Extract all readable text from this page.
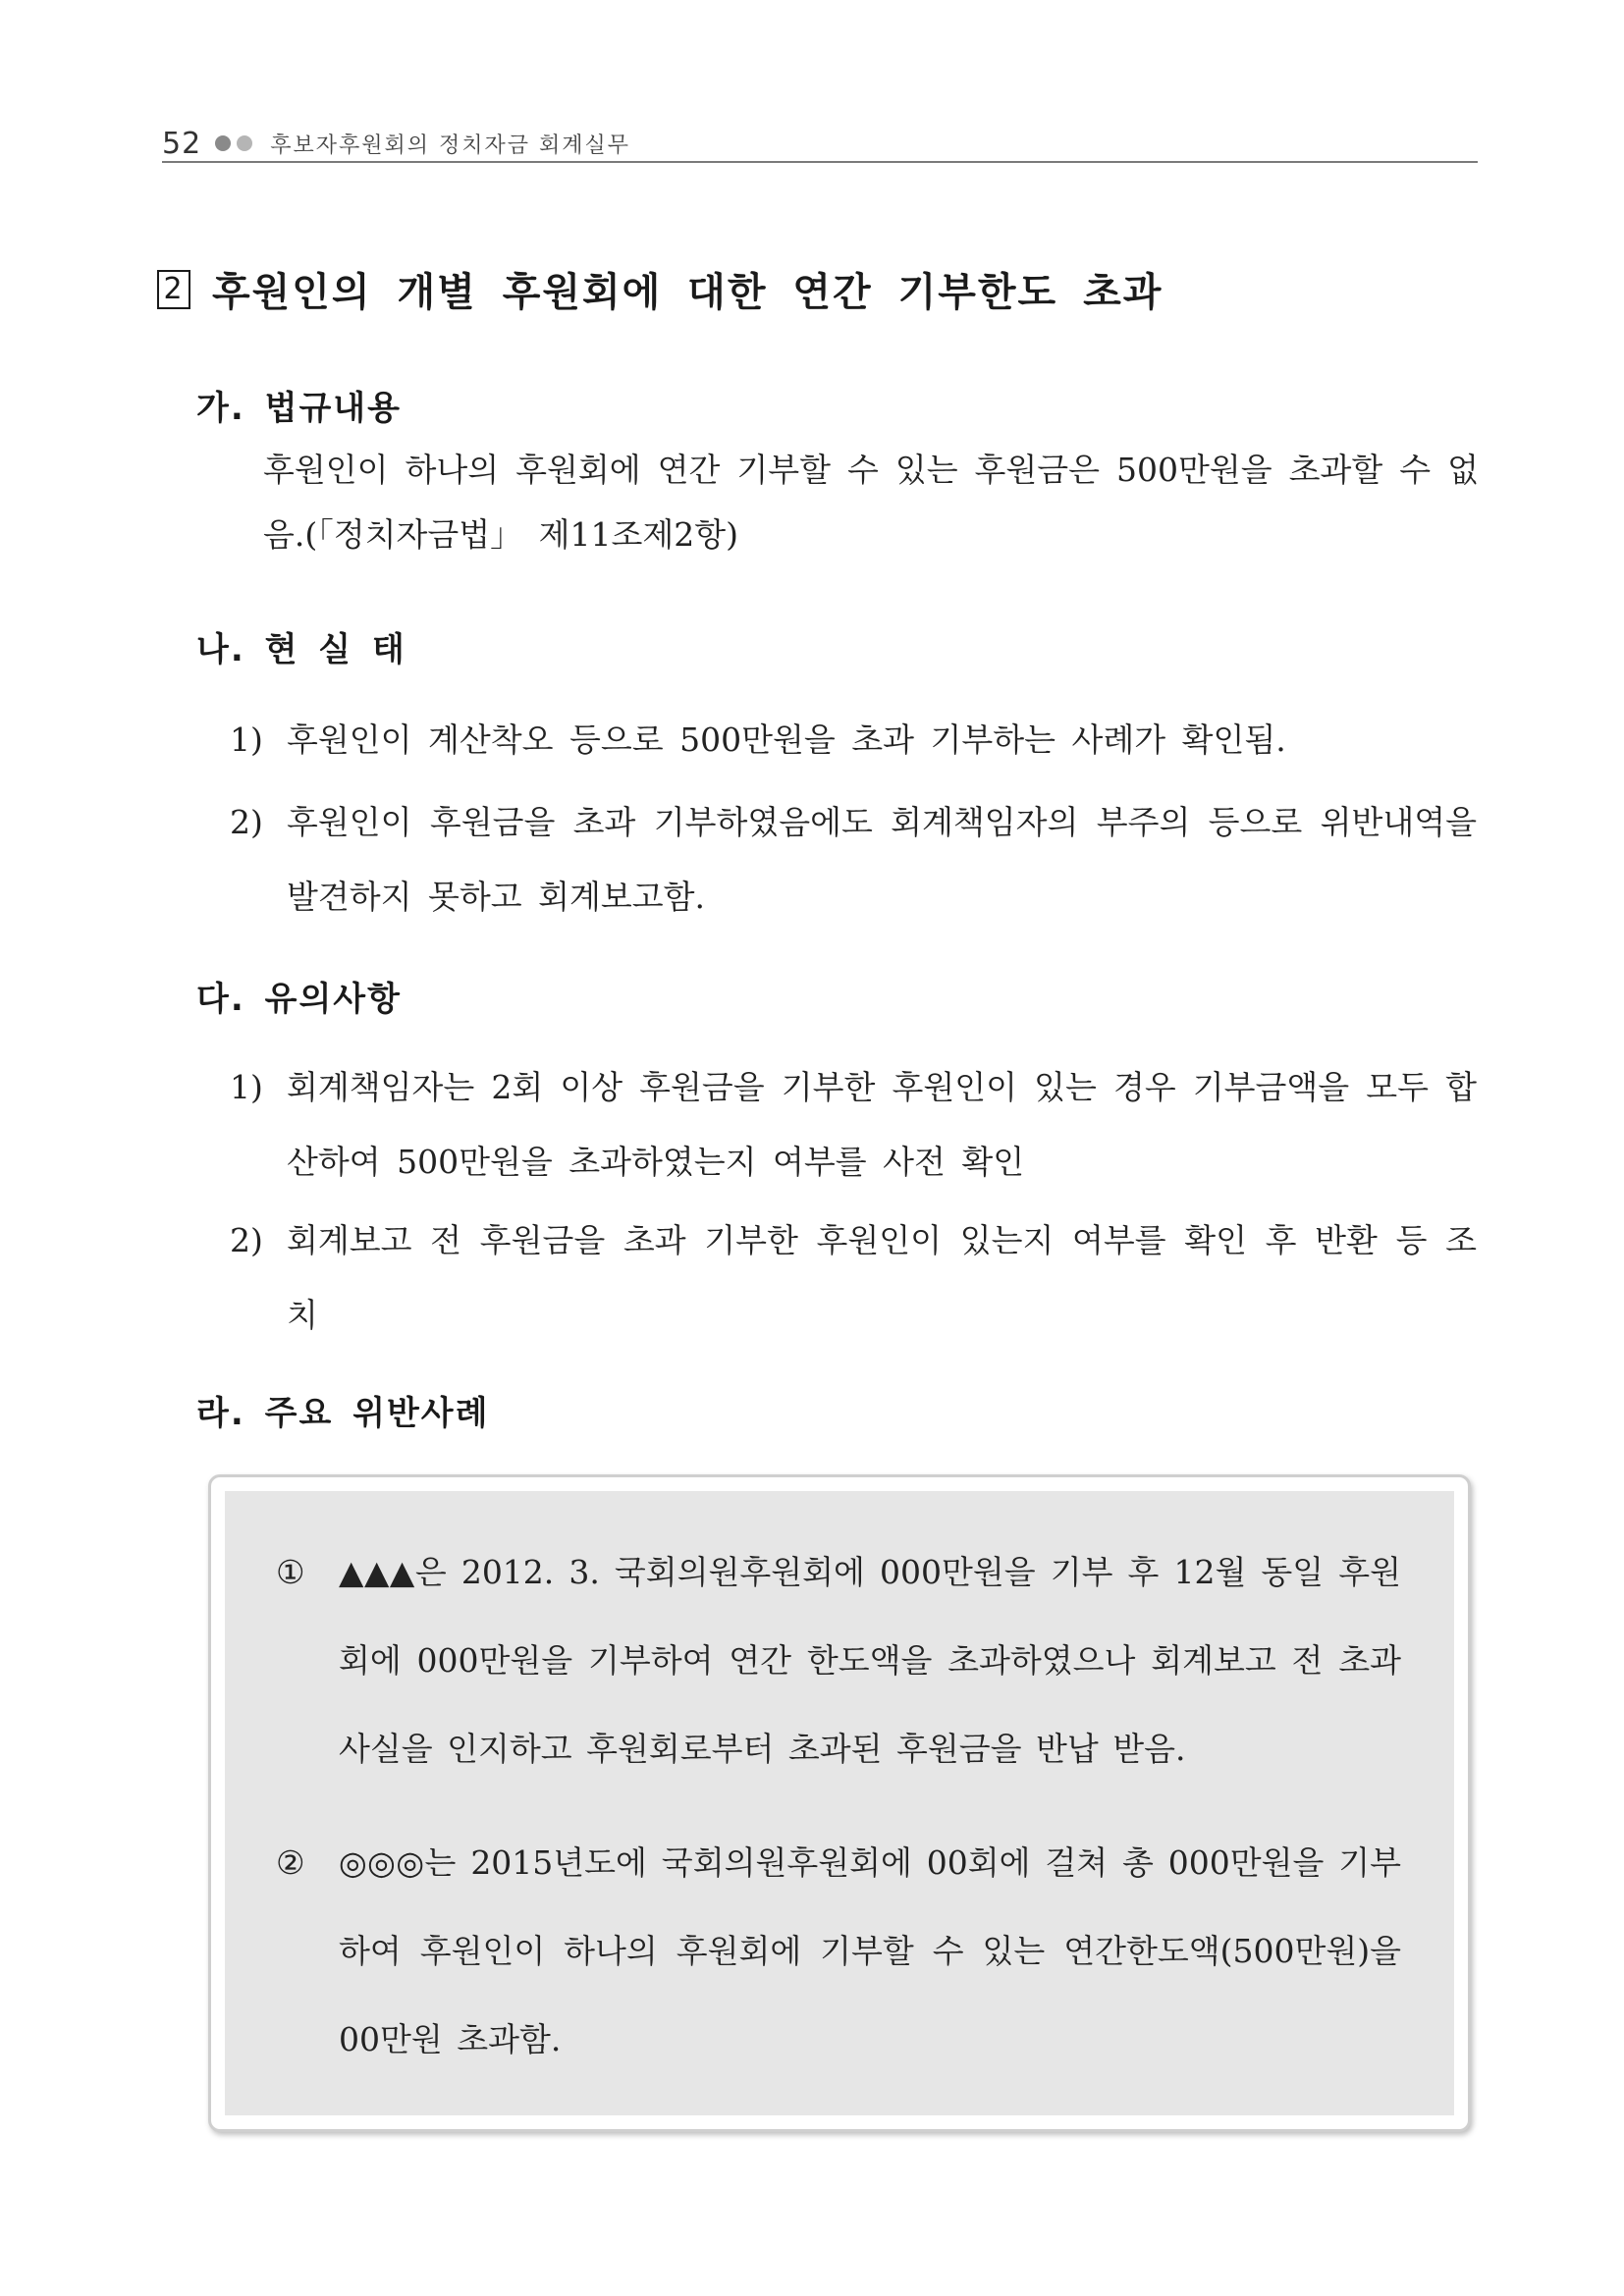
52	후보자후원회의 정치자금 회계실무
2 후원인의 개별 후원회에 대한 연간 기부한도 초과
가. 법규내용
후원인이 하나의 후원회에 연간 기부할 수 있는 후원금은 500만원을 초과할 수 없음.(「정치자금법」 제11조제2항)
나. 현 실 태
1) 후원인이 계산착오 등으로 500만원을 초과 기부하는 사례가 확인됨.
2) 후원인이 후원금을 초과 기부하였음에도 회계책임자의 부주의 등으로 위반내역을 발견하지 못하고 회계보고함.
다. 유의사항
1) 회계책임자는 2회 이상 후원금을 기부한 후원인이 있는 경우 기부금액을 모두 합산하여 500만원을 초과하였는지 여부를 사전 확인
2) 회계보고 전 후원금을 초과 기부한 후원인이 있는지 여부를 확인 후 반환 등 조치
라. 주요 위반사례
①	▲▲▲은 2012. 3. 국회의원후원회에 000만원을 기부 후 12월 동일 후원회에 000만원을 기부하여 연간 한도액을 초과하였으나 회계보고 전 초과사실을 인지하고 후원회로부터 초과된 후원금을 반납 받음.
②	◎◎◎는 2015년도에 국회의원후원회에 00회에 걸쳐 총 000만원을 기부하여 후원인이 하나의 후원회에 기부할 수 있는 연간한도액(500만원)을 00만원 초과함.
